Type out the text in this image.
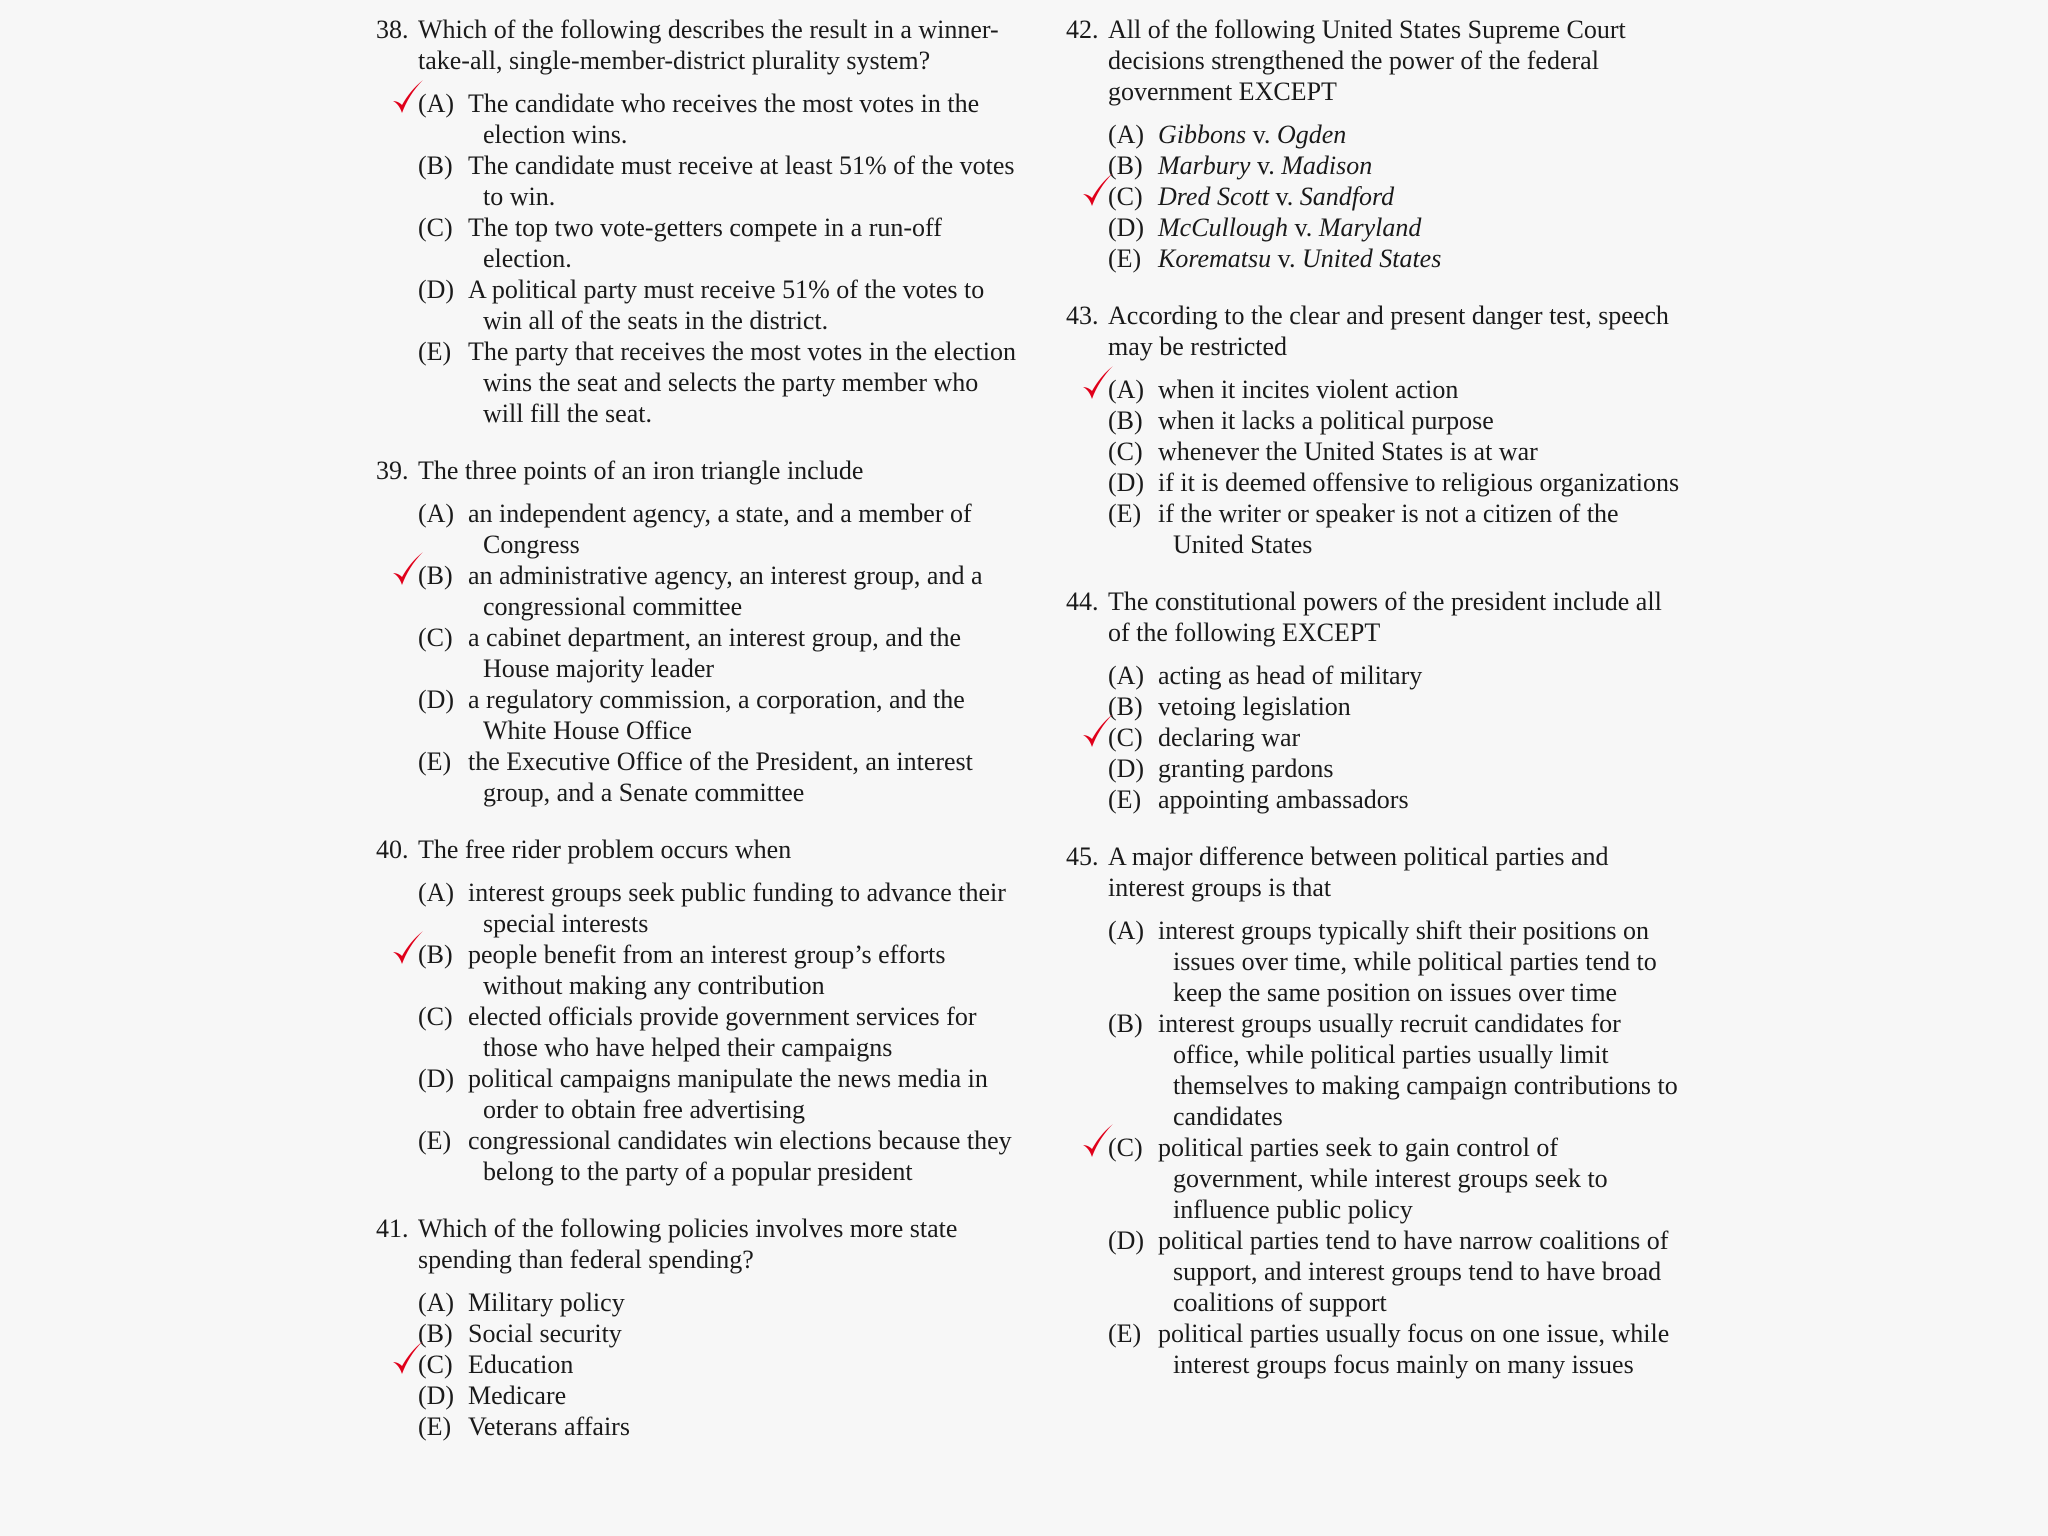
38. Which of the following describes the result in a winner-take-all, single-member-district plurality system?
(A) The candidate who receives the most votes in the election wins.
(B) The candidate must receive at least 51% of the votes to win.
(C) The top two vote-getters compete in a run-off election.
(D) A political party must receive 51% of the votes to win all of the seats in the district.
(E) The party that receives the most votes in the election wins the seat and selects the party member who will fill the seat.
39. The three points of an iron triangle include
(A) an independent agency, a state, and a member of Congress
(B) an administrative agency, an interest group, and a congressional committee
(C) a cabinet department, an interest group, and the House majority leader
(D) a regulatory commission, a corporation, and the White House Office
(E) the Executive Office of the President, an interest group, and a Senate committee
40. The free rider problem occurs when
(A) interest groups seek public funding to advance their special interests
(B) people benefit from an interest group’s efforts without making any contribution
(C) elected officials provide government services for those who have helped their campaigns
(D) political campaigns manipulate the news media in order to obtain free advertising
(E) congressional candidates win elections because they belong to the party of a popular president
41. Which of the following policies involves more state spending than federal spending?
(A) Military policy
(B) Social security
(C) Education
(D) Medicare
(E) Veterans affairs
42. All of the following United States Supreme Court decisions strengthened the power of the federal government EXCEPT
(A) Gibbons v. Ogden
(B) Marbury v. Madison
(C) Dred Scott v. Sandford
(D) McCullough v. Maryland
(E) Korematsu v. United States
43. According to the clear and present danger test, speech may be restricted
(A) when it incites violent action
(B) when it lacks a political purpose
(C) whenever the United States is at war
(D) if it is deemed offensive to religious organizations
(E) if the writer or speaker is not a citizen of the United States
44. The constitutional powers of the president include all of the following EXCEPT
(A) acting as head of military
(B) vetoing legislation
(C) declaring war
(D) granting pardons
(E) appointing ambassadors
45. A major difference between political parties and interest groups is that
(A) interest groups typically shift their positions on issues over time, while political parties tend to keep the same position on issues over time
(B) interest groups usually recruit candidates for office, while political parties usually limit themselves to making campaign contributions to candidates
(C) political parties seek to gain control of government, while interest groups seek to influence public policy
(D) political parties tend to have narrow coalitions of support, and interest groups tend to have broad coalitions of support
(E) political parties usually focus on one issue, while interest groups focus mainly on many issues
